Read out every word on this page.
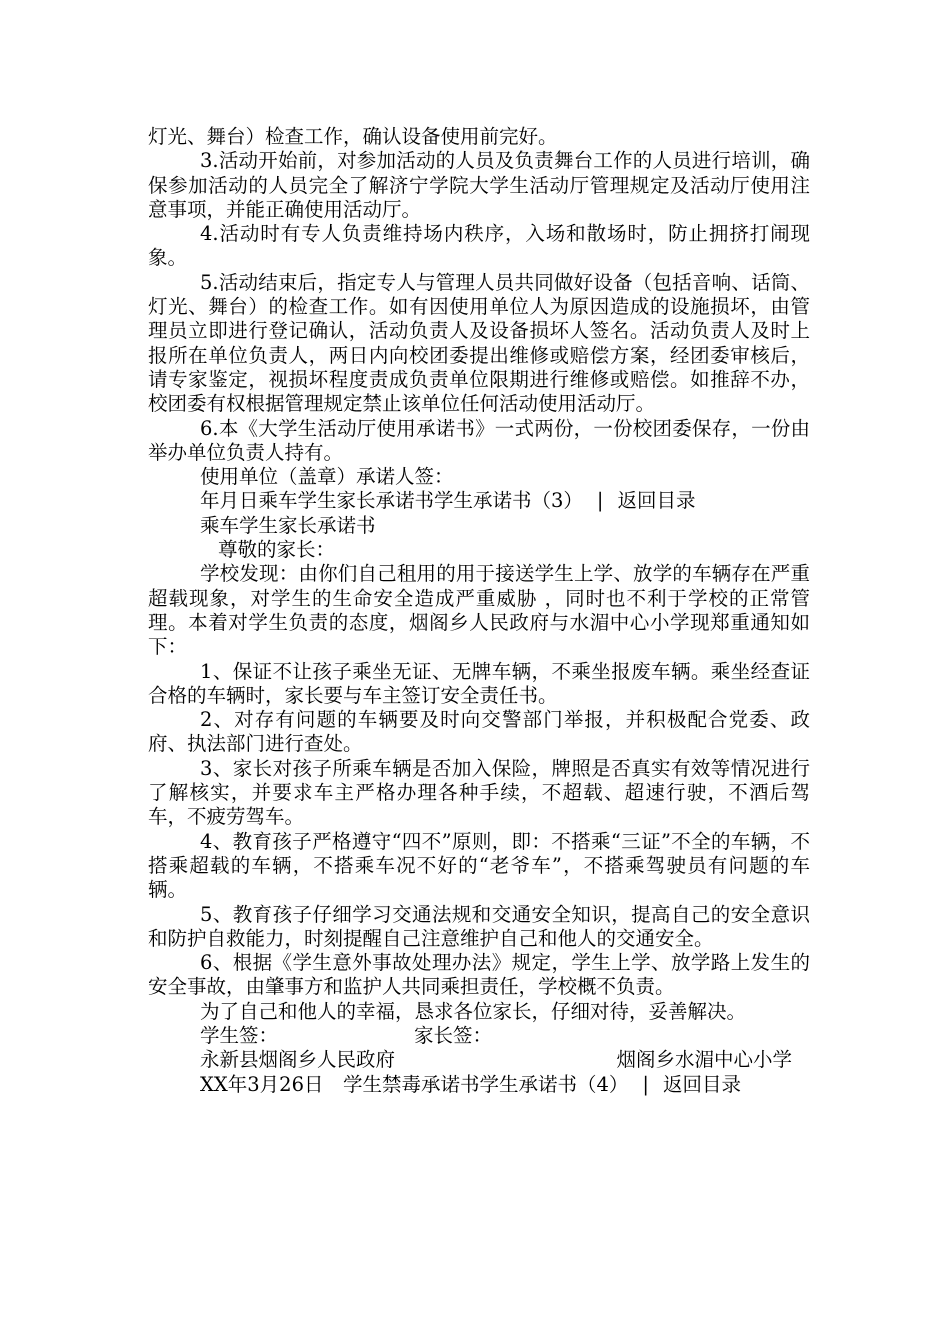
灯光、舞台）检查工作，确认设备使用前完好。

3.活动开始前，对参加活动的人员及负责舞台工作的人员进行培训，确保参加活动的人员完全了解济宁学院大学生活动厅管理规定及活动厅使用注意事项，并能正确使用活动厅。

4.活动时有专人负责维持场内秩序，入场和散场时，防止拥挤打闹现象。

5.活动结束后，指定专人与管理人员共同做好设备（包括音响、话筒、灯光、舞台）的检查工作。如有因使用单位人为原因造成的设施损坏，由管理员立即进行登记确认，活动负责人及设备损坏人签名。活动负责人及时上报所在单位负责人，两日内向校团委提出维修或赔偿方案，经团委审核后，请专家鉴定，视损坏程度责成负责单位限期进行维修或赔偿。如推辞不办，校团委有权根据管理规定禁止该单位任何活动使用活动厅。

6.本《大学生活动厅使用承诺书》一式两份，一份校团委保存，一份由举办单位负责人持有。

使用单位（盖章）承诺人签：

年月日乘车学生家长承诺书学生承诺书（3） | 返回目录

乘车学生家长承诺书

尊敬的家长：

学校发现：由你们自己租用的用于接送学生上学、放学的车辆存在严重超载现象，对学生的生命安全造成严重威胁 ，同时也不利于学校的正常管理。本着对学生负责的态度，烟阁乡人民政府与水湄中心小学现郑重通知如下：

1、保证不让孩子乘坐无证、无牌车辆，不乘坐报废车辆。乘坐经查证合格的车辆时，家长要与车主签订安全责任书。

2、对存有问题的车辆要及时向交警部门举报，并积极配合党委、政府、执法部门进行查处。

3、家长对孩子所乘车辆是否加入保险，牌照是否真实有效等情况进行了解核实，并要求车主严格办理各种手续，不超载、超速行驶，不酒后驾车，不疲劳驾车。

4、教育孩子严格遵守“四不”原则，即：不搭乘“三证”不全的车辆，不搭乘超载的车辆，不搭乘车况不好的“老爷车”，不搭乘驾驶员有问题的车辆。

5、教育孩子仔细学习交通法规和交通安全知识，提高自己的安全意识和防护自救能力，时刻提醒自己注意维护自己和他人的交通安全。

6、根据《学生意外事故处理办法》规定，学生上学、放学路上发生的安全事故，由肇事方和监护人共同乘担责任，学校概不负责。

为了自己和他人的幸福，恳求各位家长，仔细对待，妥善解决。

学生签：	家长签：
永新县烟阁乡人民政府	烟阁乡水湄中心小学

XX年3月26日　学生禁毒承诺书学生承诺书（4） | 返回目录
